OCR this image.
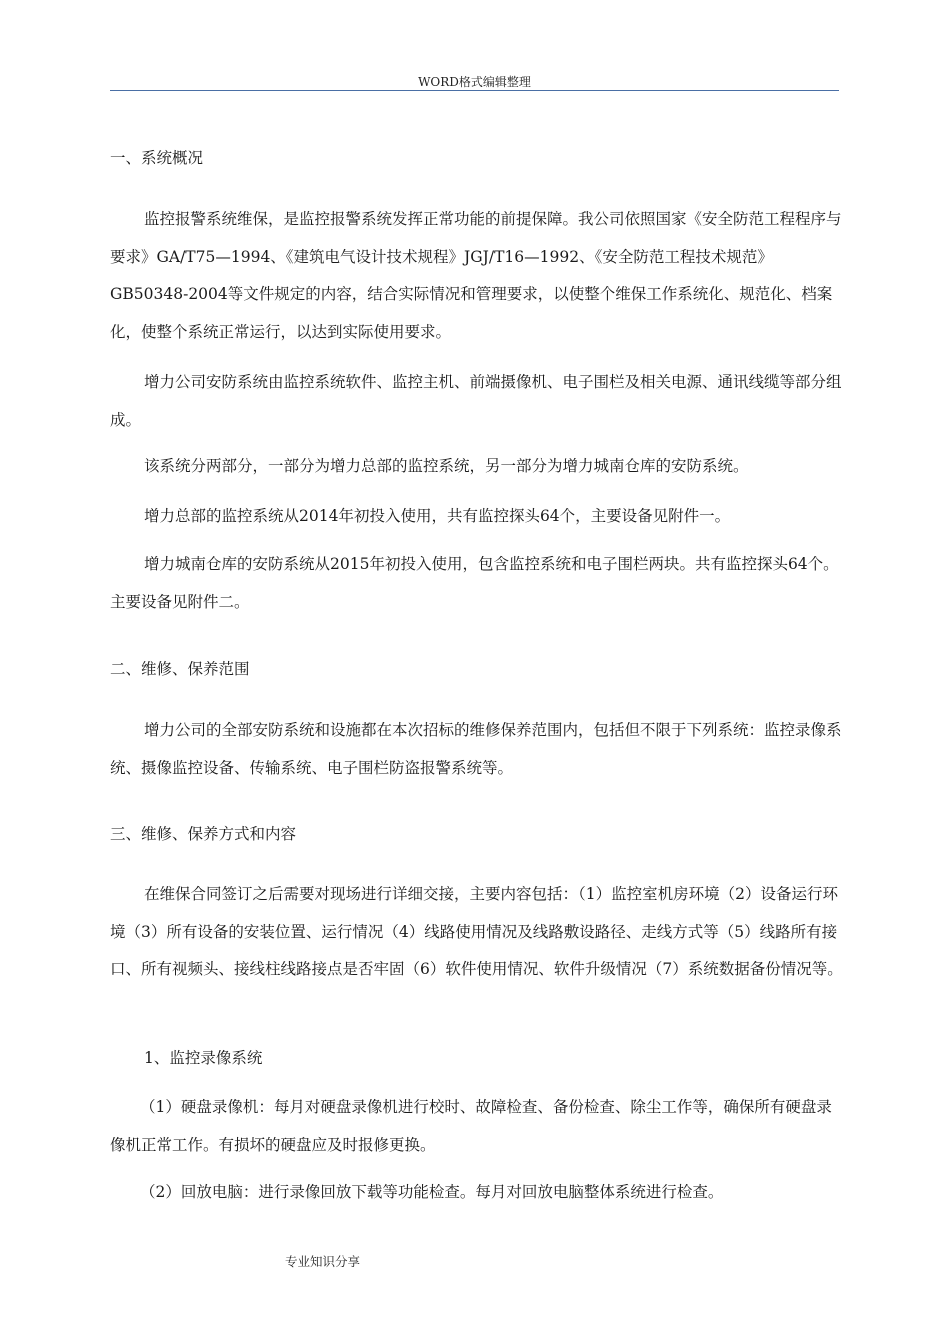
WORD格式编辑整理
一、系统概况

监控报警系统维保，是监控报警系统发挥正常功能的前提保障。我公司依照国家《安全防范工程程序与要求》GA/T75—1994、《建筑电气设计技术规程》JGJ/T16—1992、《安全防范工程技术规范》GB50348-2004等文件规定的内容，结合实际情况和管理要求，以使整个维保工作系统化、规范化、档案化，使整个系统正常运行，以达到实际使用要求。

增力公司安防系统由监控系统软件、监控主机、前端摄像机、电子围栏及相关电源、通讯线缆等部分组成。

该系统分两部分，一部分为增力总部的监控系统，另一部分为增力城南仓库的安防系统。

增力总部的监控系统从2014年初投入使用，共有监控探头64个，主要设备见附件一。

增力城南仓库的安防系统从2015年初投入使用，包含监控系统和电子围栏两块。共有监控探头64个。主要设备见附件二。

二、维修、保养范围

增力公司的全部安防系统和设施都在本次招标的维修保养范围内，包括但不限于下列系统：监控录像系统、摄像监控设备、传输系统、电子围栏防盗报警系统等。

三、维修、保养方式和内容

在维保合同签订之后需要对现场进行详细交接，主要内容包括：（1）监控室机房环境（2）设备运行环境（3）所有设备的安装位置、运行情况（4）线路使用情况及线路敷设路径、走线方式等（5）线路所有接口、所有视频头、接线柱线路接点是否牢固（6）软件使用情况、软件升级情况（7）系统数据备份情况等。

1、监控录像系统

（1）硬盘录像机：每月对硬盘录像机进行校时、故障检查、备份检查、除尘工作等，确保所有硬盘录像机正常工作。有损坏的硬盘应及时报修更换。

（2）回放电脑：进行录像回放下载等功能检查。每月对回放电脑整体系统进行检查。

专业知识分享
